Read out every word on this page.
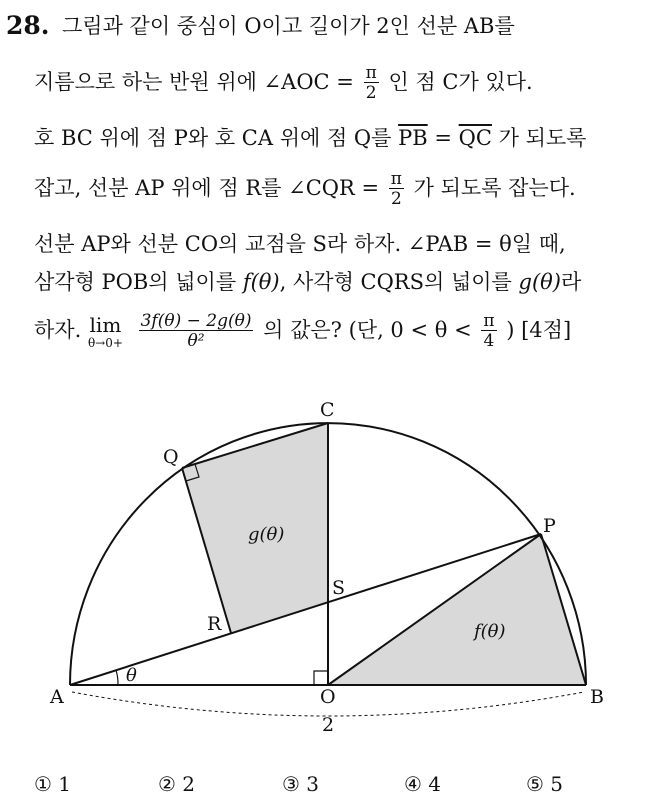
28. 그림과 같이 중심이 O이고 길이가 2인 선분 AB를
지름으로 하는 반원 위에 ∠AOC = $\frac{\pi}{2}$ 인 점 C가 있다.
호 BC 위에 점 P와 호 CA 위에 점 Q를 $\overline{PB} = \overline{QC}$ 가 되도록
잡고, 선분 AP 위에 점 R를 ∠CQR = $\frac{\pi}{2}$ 가 되도록 잡는다.
선분 AP와 선분 CO의 교점을 S라 하자. ∠PAB = θ일 때,
삼각형 POB의 넓이를 f(θ), 사각형 CQRS의 넓이를 g(θ)라
하자. lim
θ→0+
$\frac{3f(\theta) - 2g(\theta)}{\text{θ²}}$ 의 값은? (단, $0 < \theta < \frac{\pi}{4}$ ) [4점]
C
Q
P
S
R
A	O	B
θ
2
f(θ)
g(θ)
① 1	② 2	③ 3	④ 4	⑤ 5
